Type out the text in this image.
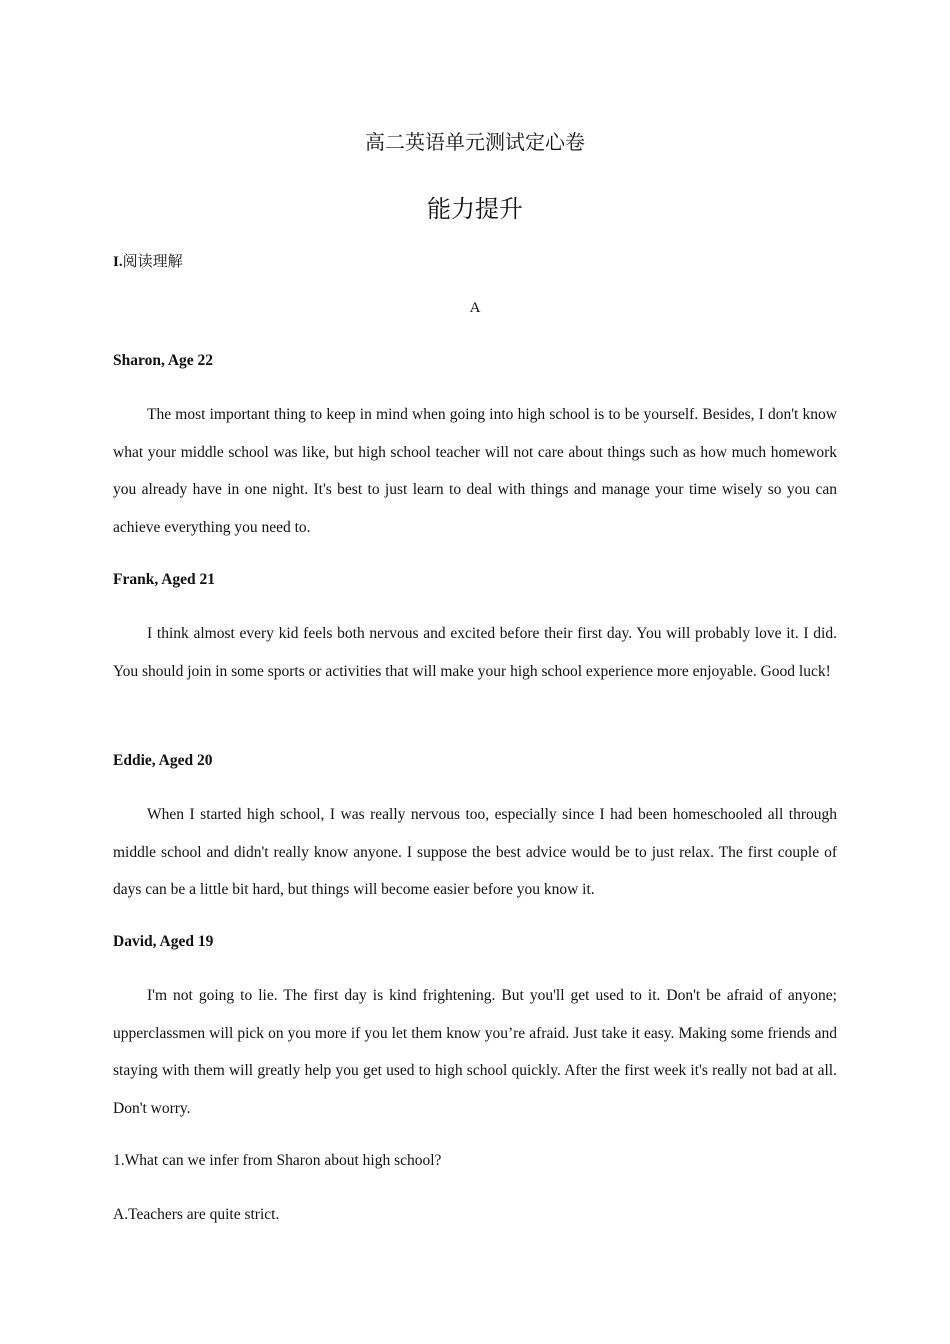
高二英语单元测试定心卷
能力提升
I.阅读理解
A
Sharon, Age 22

The most important thing to keep in mind when going into high school is to be yourself. Besides, I don't know what your middle school was like, but high school teacher will not care about things such as how much homework you already have in one night. It's best to just learn to deal with things and manage your time wisely so you can achieve everything you need to.

Frank, Aged 21

I think almost every kid feels both nervous and excited before their first day. You will probably love it. I did. You should join in some sports or activities that will make your high school experience more enjoyable. Good luck!

Eddie, Aged 20

When I started high school, I was really nervous too, especially since I had been homeschooled all through middle school and didn't really know anyone. I suppose the best advice would be to just relax. The first couple of days can be a little bit hard, but things will become easier before you know it.

David, Aged 19

I'm not going to lie. The first day is kind frightening. But you'll get used to it. Don't be afraid of anyone; upperclassmen will pick on you more if you let them know you’re afraid. Just take it easy. Making some friends and staying with them will greatly help you get used to high school quickly. After the first week it's really not bad at all. Don't worry.

1.What can we infer from Sharon about high school?
A.Teachers are quite strict.
